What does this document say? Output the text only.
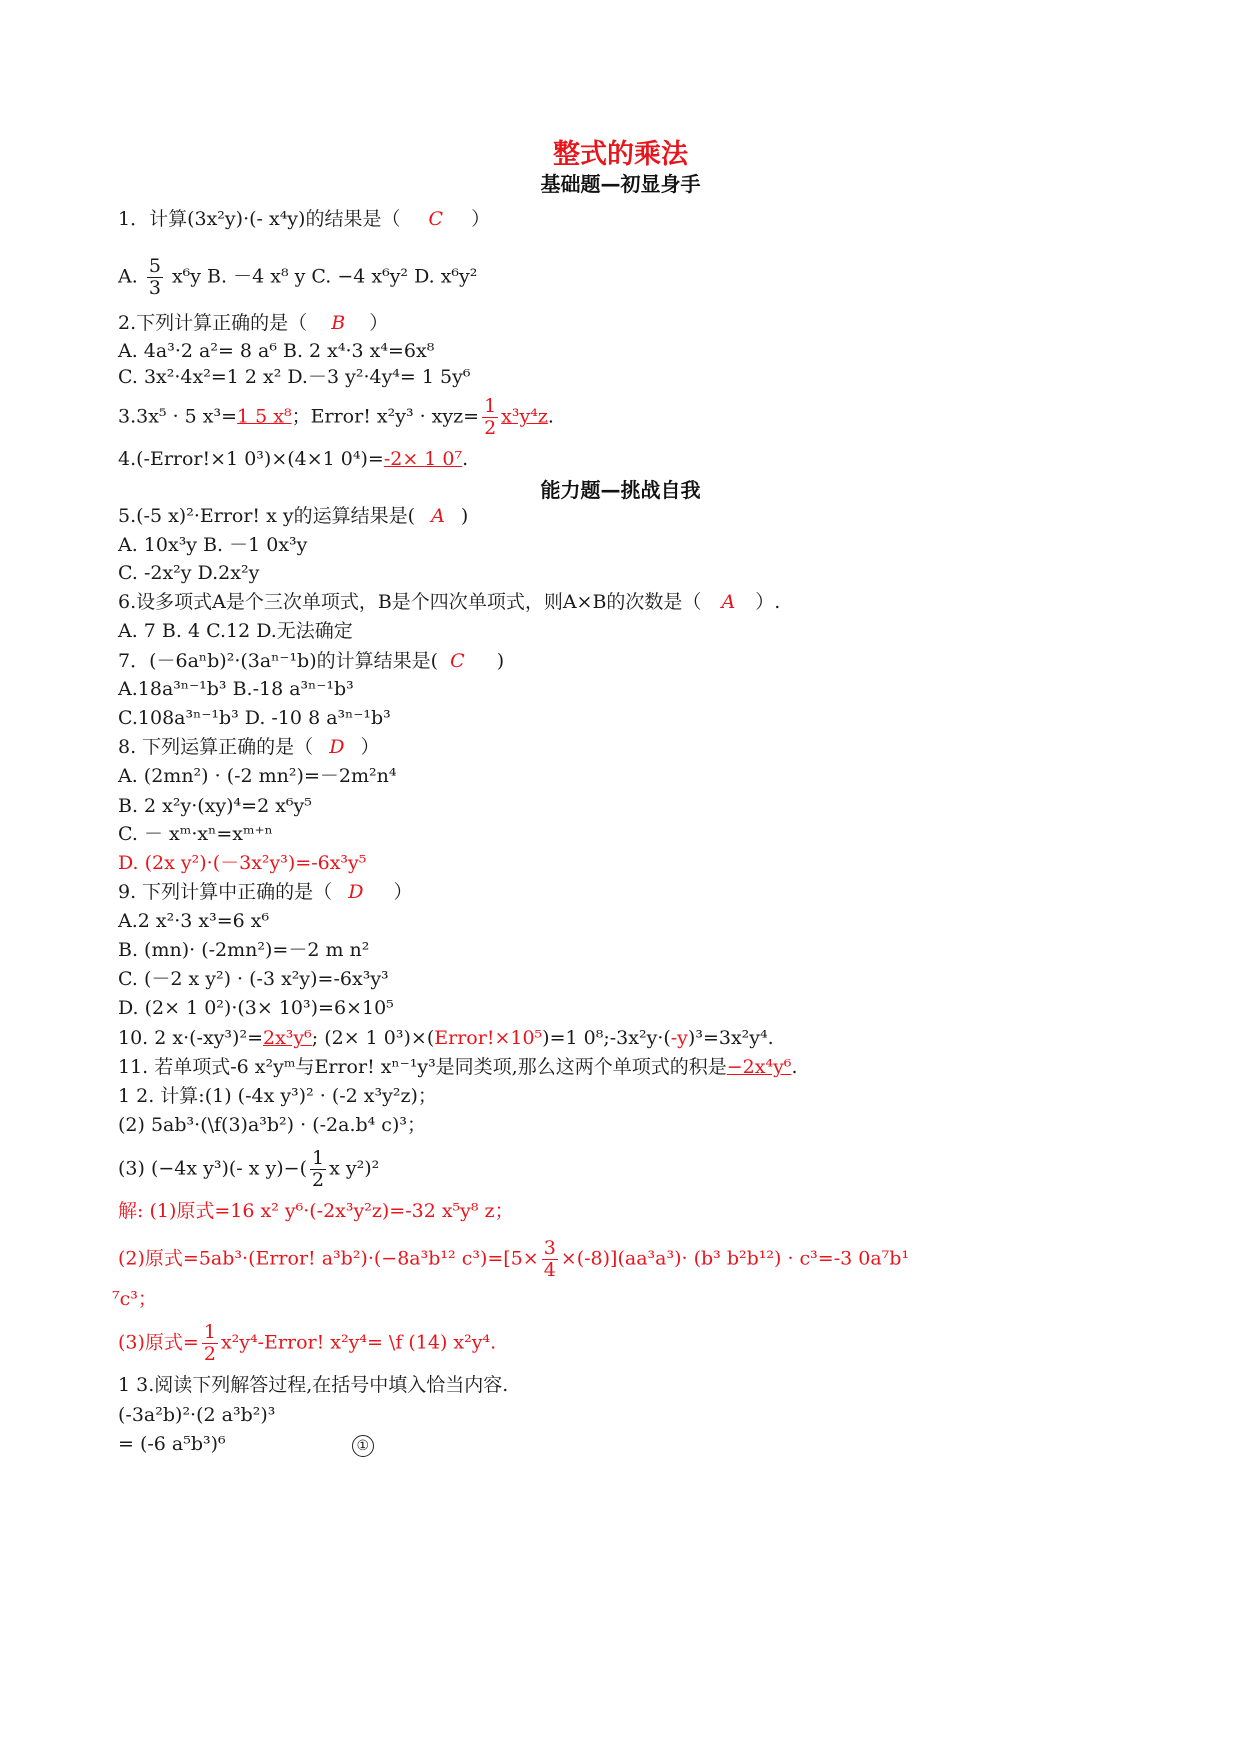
整式的乘法
基础题—初显身手
1．计算(3x²y)·(- x⁴y)的结果是（ C ）
A. $\frac{5}{3} x^6y$ B. －4 x⁸ y C. −4 x⁶y² D. x⁶y²
2.下列计算正确的是（ B ）
A. 4a³·2 a²= 8 a⁶ B. 2 x⁴·3 x⁴=6x⁸
C. 3x²·4x²=1 2 x² D.－3 y²·4y⁴= 1 5y⁶
3.3x⁵ · 5 x³=1 5 x⁸；Error! $x^2y^3 \cdot xyz= \frac{1}{2} x^3y^4z$.
4.(-Error!×1 0³)×(4×1 0⁴)=-2× 1 0⁷.
能力题—挑战自我
5.(-5 x)²·Error! x y的运算结果是( A )
A. 10x³y B. －1 0x³y
C. -2x²y D.2x²y
6.设多项式A是个三次单项式，B是个四次单项式，则A×B的次数是（ A ）.
A. 7 B. 4 C.12 D.无法确定
7．(－6aⁿb)²·(3aⁿ⁻¹b)的计算结果是( C )
A.18a³ⁿ⁻¹b³ B.-18 a³ⁿ⁻¹b³
C.108a³ⁿ⁻¹b³ D. -10 8 a³ⁿ⁻¹b³
8. 下列运算正确的是（ D ）
A. (2mn²) · (-2 mn²)=－2m²n⁴
B. 2 x²y·(xy)⁴=2 x⁶y⁵
C. － xᵐ·xⁿ=xᵐ⁺ⁿ
D. (2x y²)·(－3x²y³)=-6x³y⁵
9. 下列计算中正确的是（ D ）
A.2 x²·3 x³=6 x⁶
B. (mn)· (-2mn²)=－2 m n²
C. (－2 x y²) · (-3 x²y)=-6x³y³
D. (2× 1 0²)·(3× 10³)=6×10⁵
10. 2 x·(-xy³)²=2x³y⁶; (2× 1 0³)×(Error!×10⁵)=1 0⁸;-3x²y·(-y)³=3x²y⁴.
11. 若单项式-6 x²yᵐ与Error! xⁿ⁻¹y³是同类项,那么这两个单项式的积是−2x⁴y⁶.
1 2. 计算:(1) (-4x y³)² · (-2 x³y²z)；
(2) 5ab³·(\f(3)a³b²) · (-2a.b⁴ c)³；
(3) (−4x y³)(- x $y)-( \frac{1}{2}$ x y²)²
解: (1)原式=16 x² y⁶·(-2x³y²z)=-32 x⁵y⁸ z；
(2)原式=5ab³·(Error! a³b²)·(−8a³b¹² $c^3)=[5\times \frac{3}{4} \times(-8)](aa^3a^3)\cdot (b^3$ b²b¹²) · c³=-3 0a⁷b¹
⁷c³；
(3)原式= $\frac{1}{2}$ x²y⁴-Error! x²y⁴= \f (14) x²y⁴.
1 3.阅读下列解答过程,在括号中填入恰当内容.
(-3a²b)²·(2 a³b²)³
= (-6 a⁵b³)⁶	①
